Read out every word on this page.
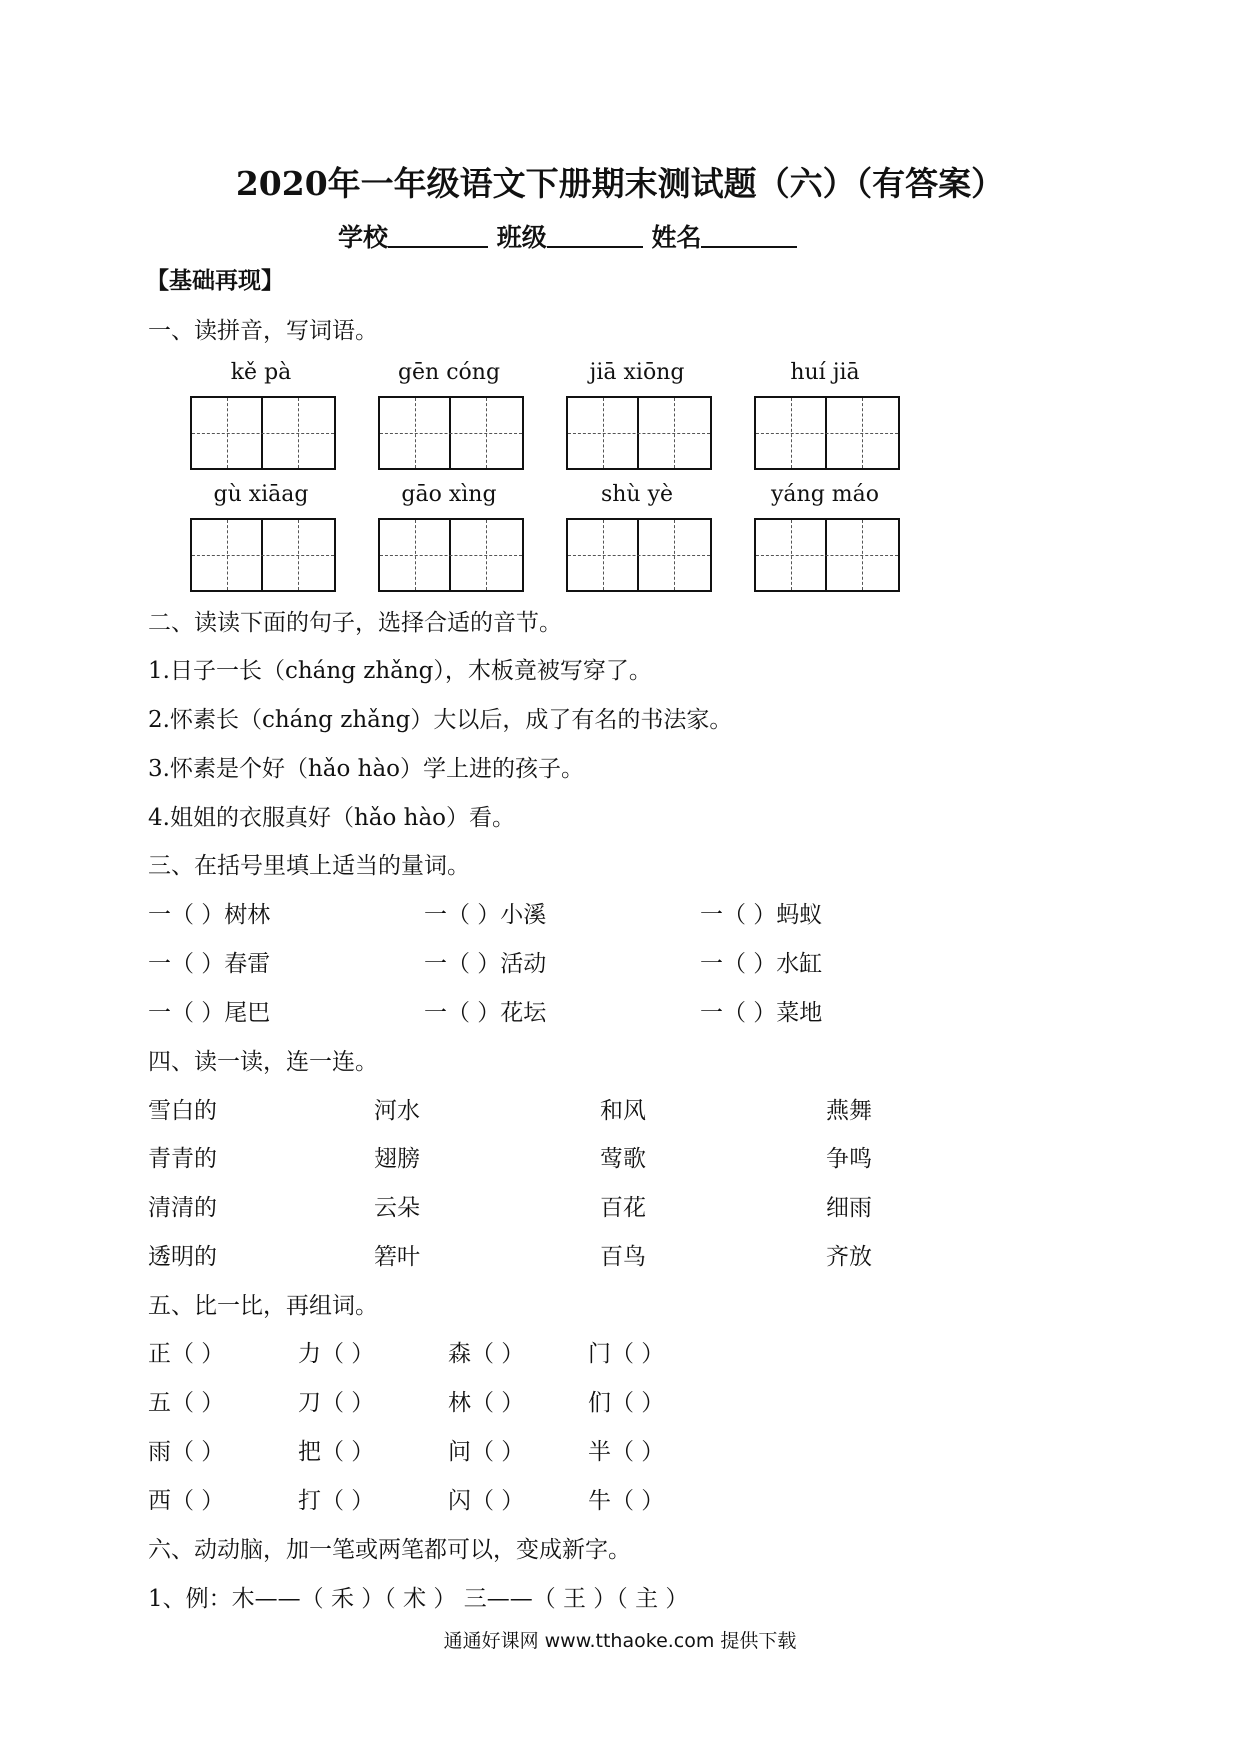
2020年一年级语文下册期末测试题（六）（有答案）
学校	班级	姓名
【基础再现】
一、读拼音，写词语。
kě pà	gēn cóng	jiā xiōng	huí jiā
gù xiāag	gāo xìng	shù yè	yáng máo
二、读读下面的句子，选择合适的音节。
1.日子一长（cháng zhǎng），木板竟被写穿了。
2.怀素长（cháng zhǎng）大以后，成了有名的书法家。
3.怀素是个好（hǎo hào）学上进的孩子。
4.姐姐的衣服真好（hǎo hào）看。
三、在括号里填上适当的量词。
一（ ）树林	一（ ）小溪	一（ ）蚂蚁
一（ ）春雷	一（ ）活动	一（ ）水缸
一（ ）尾巴	一（ ）花坛	一（ ）菜地
四、读一读，连一连。
雪白的	河水	和风	燕舞
青青的	翅膀	莺歌	争鸣
清清的	云朵	百花	细雨
透明的	箬叶	百鸟	齐放
五、比一比，再组词。
正（ ）	力（ ）	森（ ）	门（ ）
五（ ）	刀（ ）	林（ ）	们（ ）
雨（ ）	把（ ）	问（ ）	半（ ）
西（ ）	打（ ）	闪（ ）	牛（ ）
六、动动脑，加一笔或两笔都可以，变成新字。
1、例：木——（ 禾 ）（ 术 ） 三——（ 王 ）（ 主 ）
通通好课网 www.tthaoke.com 提供下载
